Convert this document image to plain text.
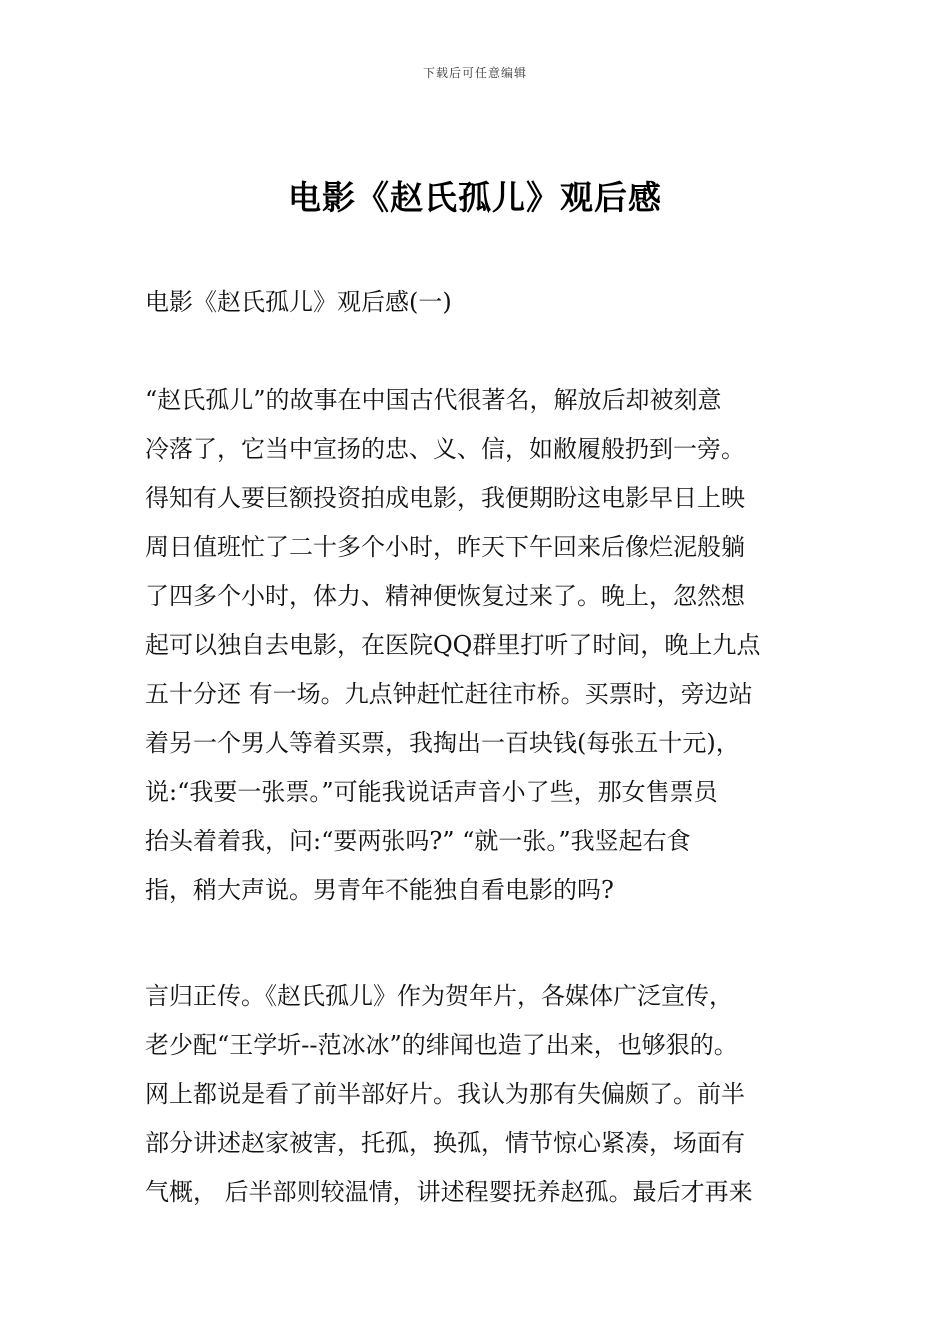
下载后可任意编辑
电影《赵氏孤儿》观后感
电影《赵氏孤儿》观后感(一)
“赵氏孤儿”的故事在中国古代很著名，解放后却被刻意
冷落了，它当中宣扬的忠、义、信，如敝履般扔到一旁。
得知有人要巨额投资拍成电影，我便期盼这电影早日上映
周日值班忙了二十多个小时，昨天下午回来后像烂泥般躺
了四多个小时，体力、精神便恢复过来了。晚上，忽然想
起可以独自去电影，在医院QQ群里打听了时间，晚上九点
五十分还 有一场。九点钟赶忙赶往市桥。买票时，旁边站
着另一个男人等着买票，我掏出一百块钱(每张五十元)，
说:“我要一张票。”可能我说话声音小了些，那女售票员
抬头着着我，问:“要两张吗?” “就一张。”我竖起右食
指，稍大声说。男青年不能独自看电影的吗?
言归正传。《赵氏孤儿》作为贺年片，各媒体广泛宣传，
老少配“王学圻--范冰冰”的绯闻也造了出来，也够狠的。
网上都说是看了前半部好片。我认为那有失偏颇了。前半
部分讲述赵家被害，托孤，换孤，情节惊心紧凑，场面有
气概， 后半部则较温情，讲述程婴抚养赵孤。最后才再来
